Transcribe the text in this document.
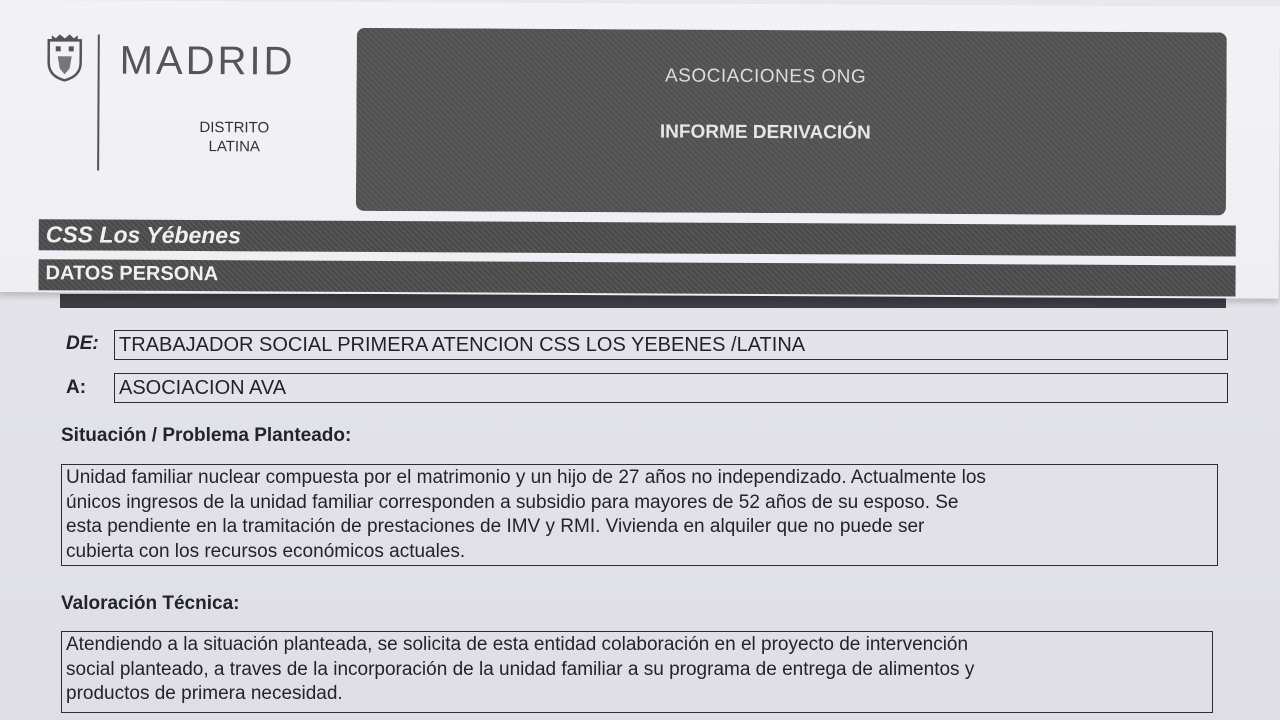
DE: TRABAJADOR SOCIAL PRIMERA ATENCION CSS LOS YEBENES /LATINA
A: ASOCIACION AVA
Situación / Problema Planteado:

Unidad familiar nuclear compuesta por el matrimonio y un hijo de 27 años no independizado. Actualmente los
únicos ingresos de la unidad familiar corresponden a subsidio para mayores de 52 años de su esposo. Se
esta pendiente en la tramitación de prestaciones de IMV y RMI. Vivienda en alquiler que no puede ser
cubierta con los recursos económicos actuales.

Valoración Técnica:

Atendiendo a la situación planteada, se solicita de esta entidad colaboración en el proyecto de intervención
social planteado, a traves de la incorporación de la unidad familiar a su programa de entrega de alimentos y
productos de primera necesidad.

MADRID
DISTRITO
LATINA
ASOCIACIONES ONG
INFORME DERIVACIÓN
CSS Los Yébenes
DATOS PERSONA
